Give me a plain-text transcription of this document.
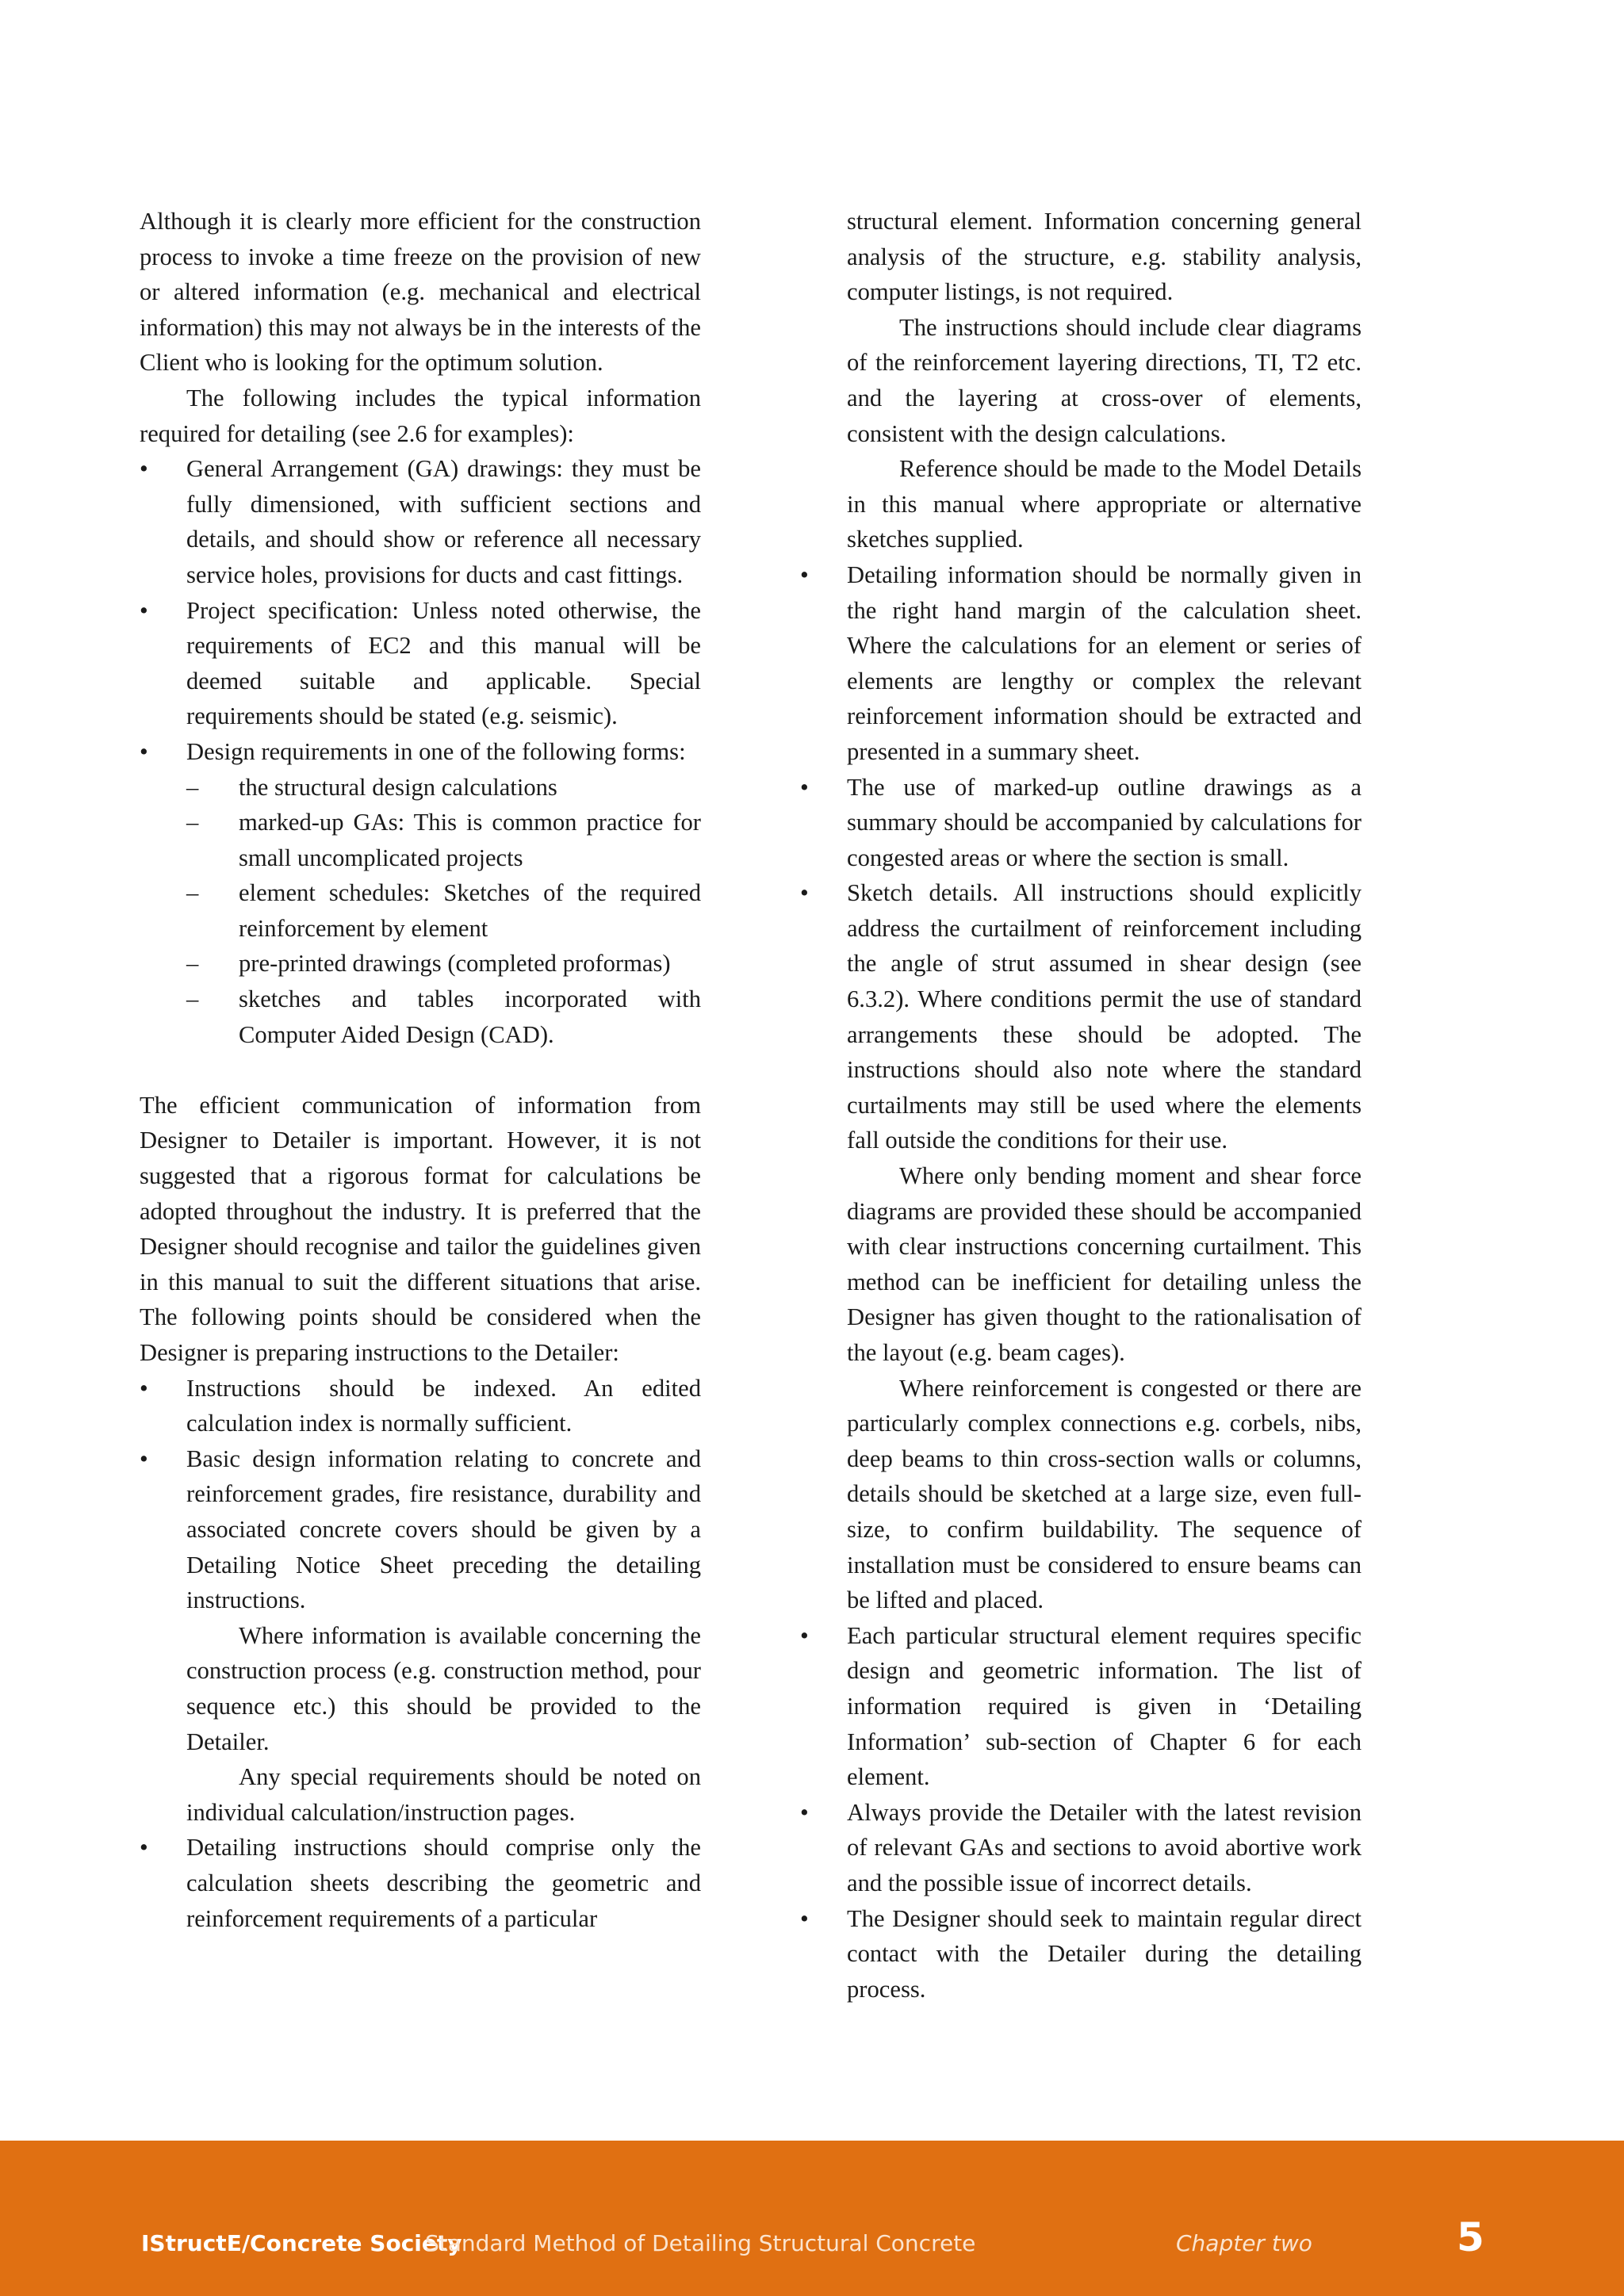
Although it is clearly more efficient for the construction process to invoke a time freeze on the provision of new or altered information (e.g. mechanical and electrical information) this may not always be in the interests of the Client who is looking for the optimum solution.

The following includes the typical information required for detailing (see 2.6 for examples):

• General Arrangement (GA) drawings: they must be fully dimensioned, with sufficient sections and details, and should show or reference all necessary service holes, provisions for ducts and cast fittings.
• Project specification: Unless noted otherwise, the requirements of EC2 and this manual will be deemed suitable and applicable. Special requirements should be stated (e.g. seismic).
• Design requirements in one of the following forms:
– the structural design calculations
– marked-up GAs: This is common practice for small uncomplicated projects
– element schedules: Sketches of the required reinforcement by element
– pre-printed drawings (completed proformas)
– sketches and tables incorporated with Computer Aided Design (CAD).

The efficient communication of information from Designer to Detailer is important. However, it is not suggested that a rigorous format for calculations be adopted throughout the industry. It is preferred that the Designer should recognise and tailor the guidelines given in this manual to suit the different situations that arise. The following points should be considered when the Designer is preparing instructions to the Detailer:

• Instructions should be indexed. An edited calculation index is normally sufficient.
• Basic design information relating to concrete and reinforcement grades, fire resistance, durability and associated concrete covers should be given by a Detailing Notice Sheet preceding the detailing instructions.
Where information is available concerning the construction process (e.g. construction method, pour sequence etc.) this should be provided to the Detailer.
Any special requirements should be noted on individual calculation/instruction pages.
• Detailing instructions should comprise only the calculation sheets describing the geometric and reinforcement requirements of a particular
structural element. Information concerning general analysis of the structure, e.g. stability analysis, computer listings, is not required.
The instructions should include clear diagrams of the reinforcement layering directions, TI, T2 etc. and the layering at cross-over of elements, consistent with the design calculations.
Reference should be made to the Model Details in this manual where appropriate or alternative sketches supplied.
• Detailing information should be normally given in the right hand margin of the calculation sheet. Where the calculations for an element or series of elements are lengthy or complex the relevant reinforcement information should be extracted and presented in a summary sheet.
• The use of marked-up outline drawings as a summary should be accompanied by calculations for congested areas or where the section is small.
• Sketch details. All instructions should explicitly address the curtailment of reinforcement including the angle of strut assumed in shear design (see 6.3.2). Where conditions permit the use of standard arrangements these should be adopted. The instructions should also note where the standard curtailments may still be used where the elements fall outside the conditions for their use.
Where only bending moment and shear force diagrams are provided these should be accompanied with clear instructions concerning curtailment. This method can be inefficient for detailing unless the Designer has given thought to the rationalisation of the layout (e.g. beam cages).
Where reinforcement is congested or there are particularly complex connections e.g. corbels, nibs, deep beams to thin cross-section walls or columns, details should be sketched at a large size, even full-size, to confirm buildability. The sequence of installation must be considered to ensure beams can be lifted and placed.
• Each particular structural element requires specific design and geometric information. The list of information required is given in ‘Detailing Information’ sub-section of Chapter 6 for each element.
• Always provide the Detailer with the latest revision of relevant GAs and sections to avoid abortive work and the possible issue of incorrect details.
• The Designer should seek to maintain regular direct contact with the Detailer during the detailing process.
IStructE/Concrete Society
Standard Method of Detailing Structural Concrete	Chapter two	5
